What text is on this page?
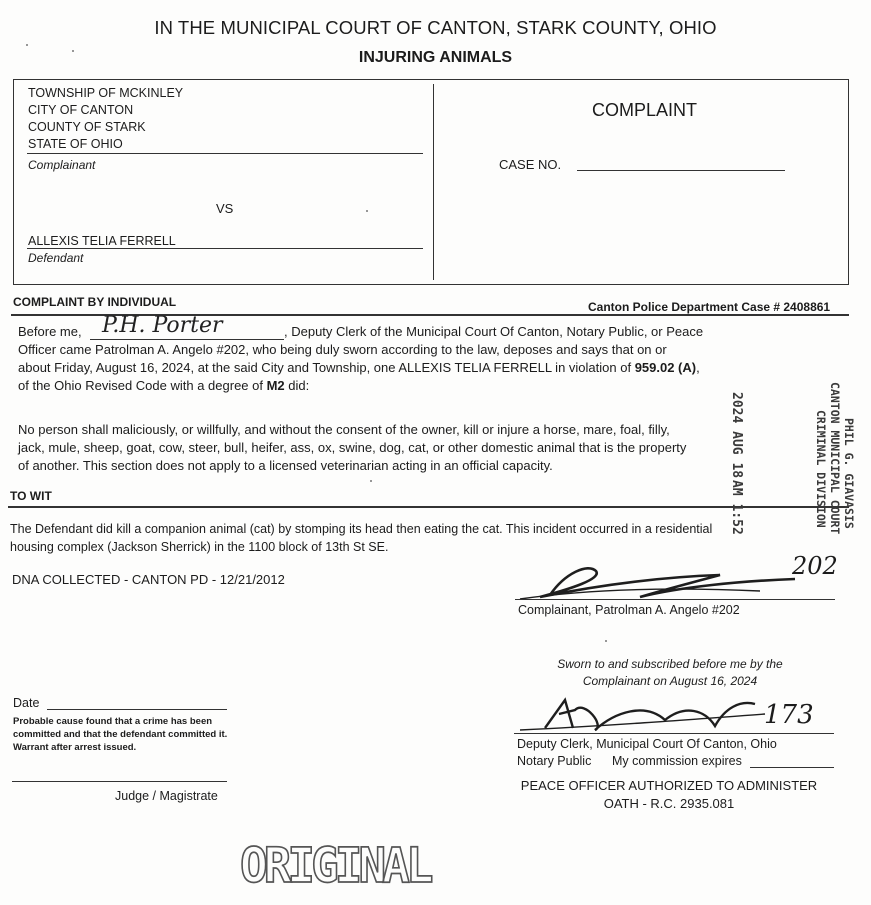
IN THE MUNICIPAL COURT OF CANTON, STARK COUNTY, OHIO
INJURING ANIMALS
TOWNSHIP OF MCKINLEY
CITY OF CANTON
COUNTY OF STARK
STATE OF OHIO
Complainant
VS
ALLEXIS TELIA FERRELL
Defendant
COMPLAINT
CASE NO.
COMPLAINT BY INDIVIDUAL	Canton Police Department Case # 2408861
Before me, P.H. Porter	, Deputy Clerk of the Municipal Court Of Canton, Notary Public, or Peace
Officer came Patrolman A. Angelo #202, who being duly sworn according to the law, deposes and says that on or
about Friday, August 16, 2024, at the said City and Township, one ALLEXIS TELIA FERRELL in violation of 959.02 (A),
of the Ohio Revised Code with a degree of M2 did:
No person shall maliciously, or willfully, and without the consent of the owner, kill or injure a horse, mare, foal, filly,
jack, mule, sheep, goat, cow, steer, bull, heifer, ass, ox, swine, dog, cat, or other domestic animal that is the property
of another. This section does not apply to a licensed veterinarian acting in an official capacity.
TO WIT
The Defendant did kill a companion animal (cat) by stomping its head then eating the cat. This incident occurred in a residential
housing complex (Jackson Sherrick) in the 1100 block of 13th St SE.
DNA COLLECTED - CANTON PD - 12/21/2012
2024 AUG 18
AM 1:52	PHIL G. GIAVASIS
CANTON MUNICIPAL COURT
CRIMINAL DIVISION
202
Complainant, Patrolman A. Angelo #202
Sworn to and subscribed before me by the
Complainant on August 16, 2024
173
Deputy Clerk, Municipal Court Of Canton, Ohio
Notary Public My commission expires
PEACE OFFICER AUTHORIZED TO ADMINISTER
OATH - R.C. 2935.081
Date
Probable cause found that a crime has been
committed and that the defendant committed it.
Warrant after arrest issued.
Judge / Magistrate
ORIGINAL
